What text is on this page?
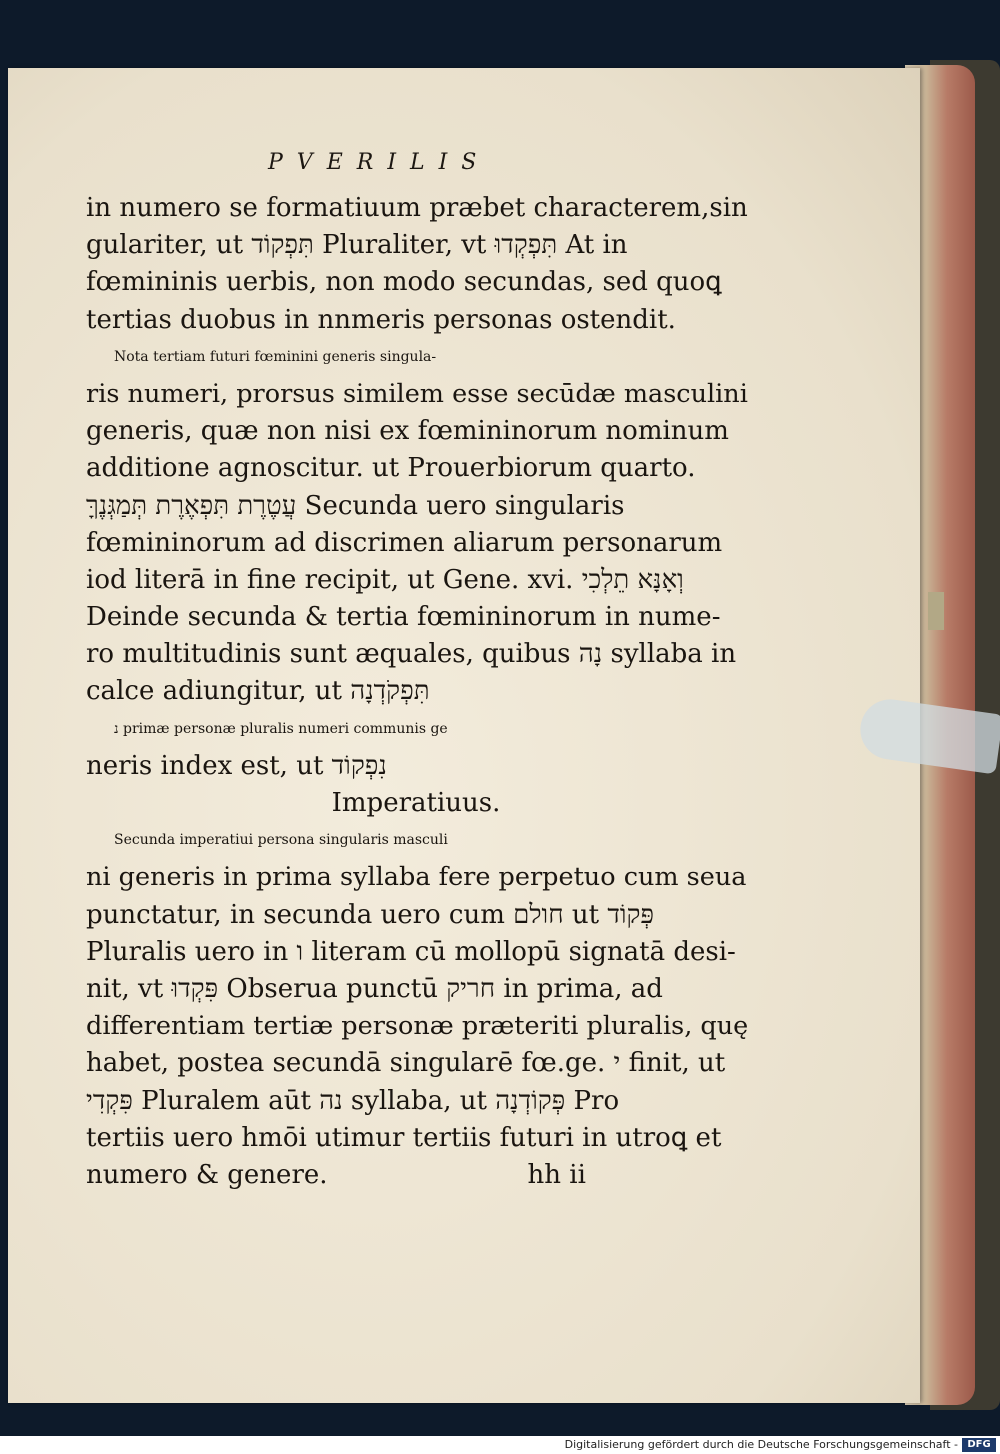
PVERILIS
in numero se formatiuum præbet characterem,sin
gulariter, ut תִּפְקוֹד Pluraliter, vt תִּפְקְדוּ At in
fœmininis uerbis, non modo secundas, sed quoꝗ
tertias duobus in nnmeris personas ostendit.
Nota tertiam futuri fœminini generis singula-
ris numeri, prorsus similem esse secūdæ masculini
generis, quæ non nisi ex fœmininorum nominum
additione agnoscitur. ut Prouerbiorum quarto.
עֲטֶרֶת תִּפְאֶרֶת תְּמַגְּנֶךָּ Secunda uero singularis
fœmininorum ad discrimen aliarum personarum
iod literā in fine recipit, ut Gene. xvi. וְאָנָּא תֵלְכִי
Deinde secunda & tertia fœmininorum in nume-
ro multitudinis sunt æquales, quibus נָה syllaba in
calce adiungitur, ut תִּפְקֹדְנָה
נ primæ personæ pluralis numeri communis ge
neris index est, ut נִפְקוֹד
Imperatiuus.
Secunda imperatiui persona singularis masculi
ni generis in prima syllaba fere perpetuo cum seua
punctatur, in secunda uero cum חולם ut פְּקוֹד
Pluralis uero in ו literam cū mollopū signatā desi-
nit, vt פִּקְדוּ Obserua punctū חריק in prima, ad
differentiam tertiæ personæ præteriti pluralis, quę
habet, postea secundā singularē fœ.ge. י finit, ut
פִּקְדִי Pluralem aūt נה syllaba, ut פְּקוֹדְנָה Pro
tertiis uero hmōi utimur tertiis futuri in utroꝗ et
numero & genere.	hh ii
Digitalisierung gefördert durch die Deutsche Forschungsgemeinschaft - DFG
